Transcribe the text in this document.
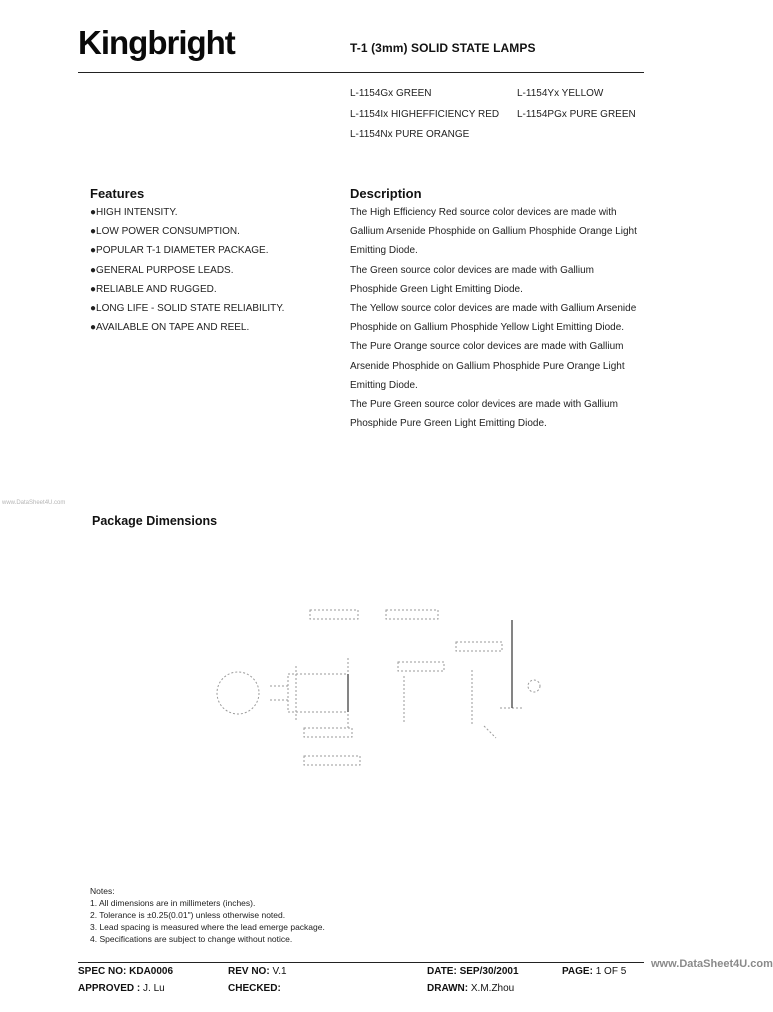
Kingbright	T-1 (3mm) SOLID STATE LAMPS
L-1154Gx GREEN	L-1154Yx YELLOW
L-1154Ix HIGHEFFICIENCY RED L-1154PGx PURE GREEN
L-1154Nx PURE ORANGE
Features
●HIGH INTENSITY.
●LOW POWER CONSUMPTION.
●POPULAR T-1 DIAMETER PACKAGE.
●GENERAL PURPOSE LEADS.
●RELIABLE AND RUGGED.
●LONG LIFE - SOLID STATE RELIABILITY.
●AVAILABLE ON TAPE AND REEL.
Description
The High Efficiency Red source color devices are made with
Gallium Arsenide Phosphide on Gallium Phosphide Orange Light
Emitting Diode.
The Green source color devices are made with Gallium
Phosphide Green Light Emitting Diode.
The Yellow source color devices are made with Gallium Arsenide
Phosphide on Gallium Phosphide Yellow Light Emitting Diode.
The Pure Orange source color devices are made with Gallium
Arsenide Phosphide on Gallium Phosphide Pure Orange Light
Emitting Diode.
The Pure Green source color devices are made with Gallium
Phosphide Pure Green Light Emitting Diode.
www.DataSheet4U.com
Package Dimensions
Notes:
1. All dimensions are in millimeters (inches).
2. Tolerance is ±0.25(0.01") unless otherwise noted.
3. Lead spacing is measured where the lead emerge package.
4. Specifications are subject to change without notice.
SPEC NO: KDA0006	REV NO: V.1	DATE: SEP/30/2001	PAGE: 1 OF 5
www.DataSheet4U.com
APPROVED : J. Lu	CHECKED:	DRAWN: X.M.Zhou
